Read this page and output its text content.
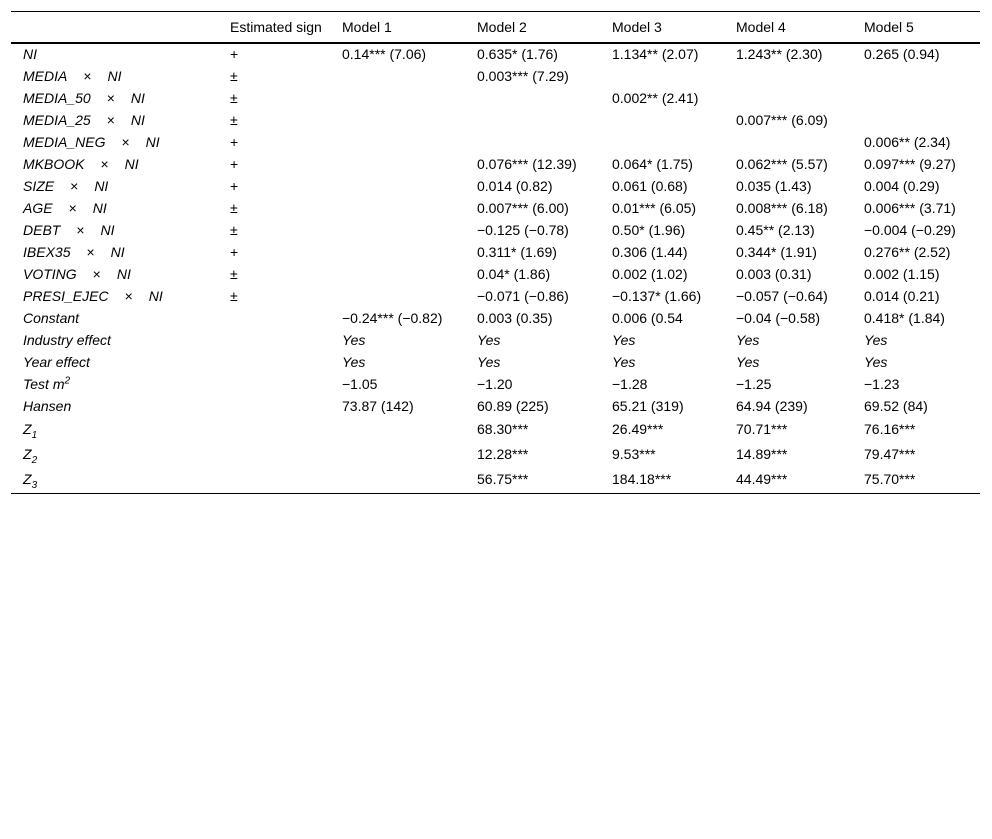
	Estimated sign	Model 1	Model 2	Model 3	Model 4	Model 5
NI	+	0.14*** (7.06)	0.635* (1.76)	1.134** (2.07)	1.243** (2.30)	0.265 (0.94)
MEDIA × NI	±		0.003*** (7.29)			
MEDIA_50 × NI	±			0.002** (2.41)		
MEDIA_25 × NI	±				0.007*** (6.09)	
MEDIA_NEG × NI	+					0.006** (2.34)
MKBOOK × NI	+		0.076*** (12.39)	0.064* (1.75)	0.062*** (5.57)	0.097*** (9.27)
SIZE × NI	+		0.014 (0.82)	0.061 (0.68)	0.035 (1.43)	0.004 (0.29)
AGE × NI	±		0.007*** (6.00)	0.01*** (6.05)	0.008*** (6.18)	0.006*** (3.71)
DEBT × NI	±		−0.125 (−0.78)	0.50* (1.96)	0.45** (2.13)	−0.004 (−0.29)
IBEX35 × NI	+		0.311* (1.69)	0.306 (1.44)	0.344* (1.91)	0.276** (2.52)
VOTING × NI	±		0.04* (1.86)	0.002 (1.02)	0.003 (0.31)	0.002 (1.15)
PRESI_EJEC × NI	±		−0.071 (−0.86)	−0.137* (1.66)	−0.057 (−0.64)	0.014 (0.21)
Constant		−0.24*** (−0.82)	0.003 (0.35)	0.006 (0.54	−0.04 (−0.58)	0.418* (1.84)
Industry effect		Yes	Yes	Yes	Yes	Yes
Year effect		Yes	Yes	Yes	Yes	Yes
Test $m^2$		−1.05	−1.20	−1.28	−1.25	−1.23
Hansen		73.87 (142)	60.89 (225)	65.21 (319)	64.94 (239)	69.52 (84)
$Z_1$			68.30***	26.49***	70.71***	76.16***
$Z_2$			12.28***	9.53***	14.89***	79.47***
$Z_3$			56.75***	184.18***	44.49***	75.70***
